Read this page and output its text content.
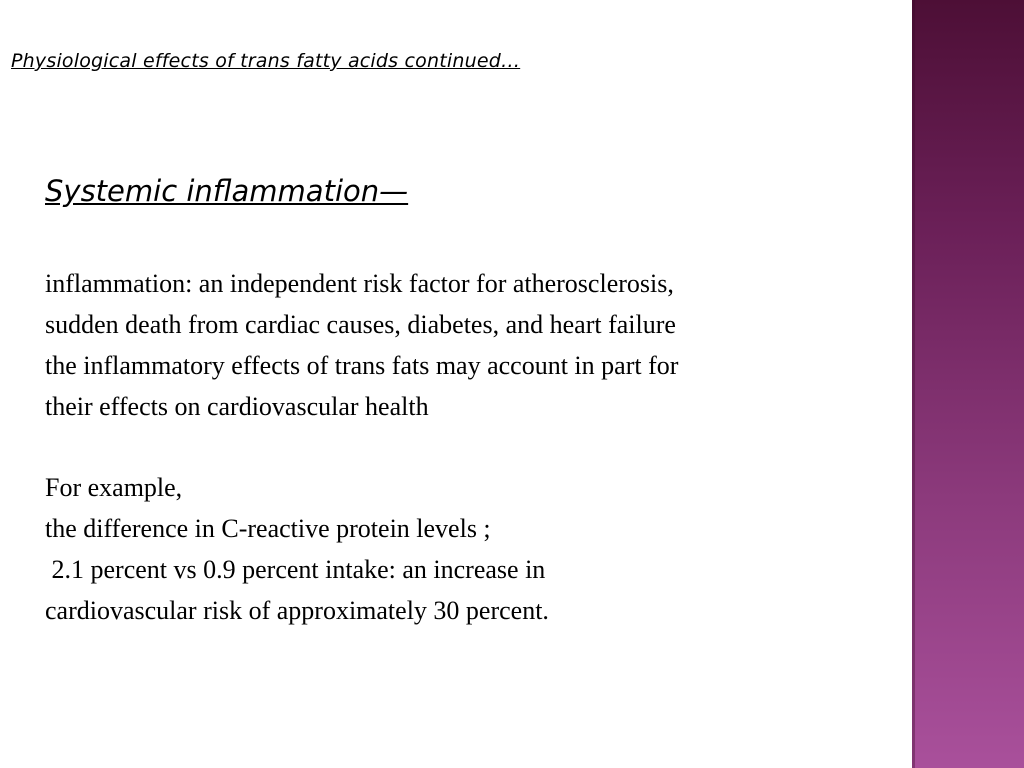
Physiological effects of trans fatty acids continued…
Systemic inflammation—
inflammation: an independent risk factor for atherosclerosis,
sudden death from cardiac causes, diabetes, and heart failure
the inflammatory effects of trans fats may account in part for
their effects on cardiovascular health
For example,
the difference in C-reactive protein levels ;
2.1 percent vs 0.9 percent intake: an increase in
cardiovascular risk of approximately 30 percent.
